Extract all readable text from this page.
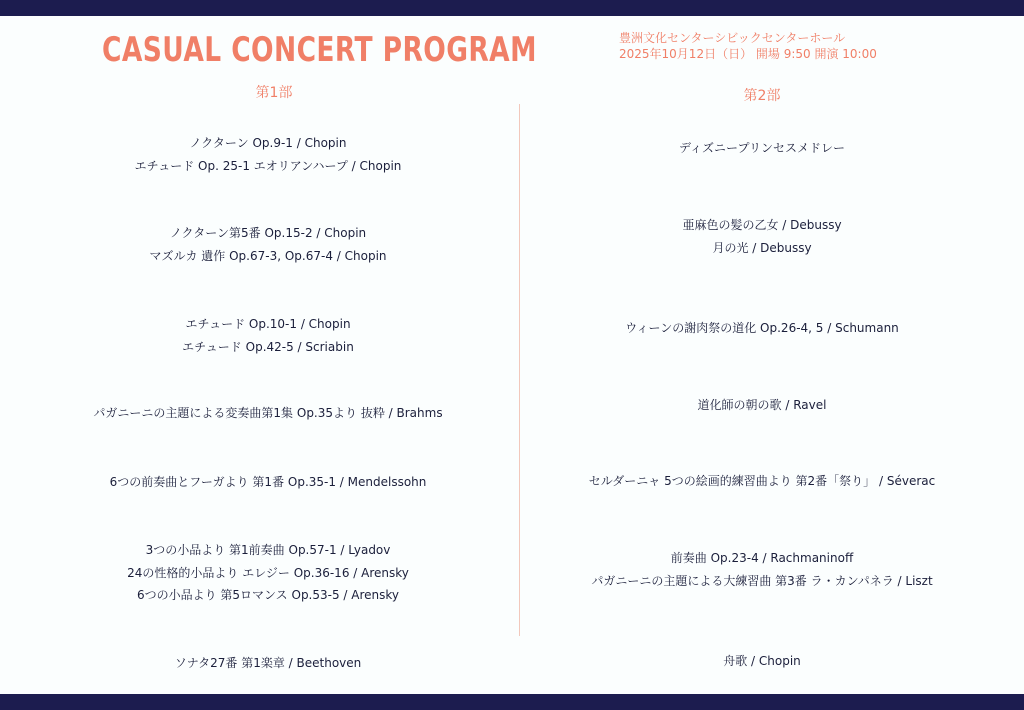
CASUAL CONCERT PROGRAM	豊洲文化センターシビックセンターホール
2025年10月12日（日） 開場 9:50 開演 10:00
第1部	第2部
ノクターン Op.9-1 / Chopin
エチュード Op. 25-1 エオリアンハープ / Chopin
ノクターン第5番 Op.15-2 / Chopin
マズルカ 遺作 Op.67-3, Op.67-4 / Chopin
エチュード Op.10-1 / Chopin
エチュード Op.42-5 / Scriabin
パガニーニの主題による変奏曲第1集 Op.35より 抜粋 / Brahms
6つの前奏曲とフーガより 第1番 Op.35-1 / Mendelssohn
3つの小品より 第1前奏曲 Op.57-1 / Lyadov
24の性格的小品より エレジー Op.36-16 / Arensky
6つの小品より 第5ロマンス Op.53-5 / Arensky
ソナタ27番 第1楽章 / Beethoven
ディズニープリンセスメドレー
亜麻色の髪の乙女 / Debussy
月の光 / Debussy
ウィーンの謝肉祭の道化 Op.26-4, 5 / Schumann
道化師の朝の歌 / Ravel
セルダーニャ 5つの絵画的練習曲より 第2番「祭り」 / Séverac
前奏曲 Op.23-4 / Rachmaninoff
パガニーニの主題による大練習曲 第3番 ラ・カンパネラ / Liszt
舟歌 / Chopin
